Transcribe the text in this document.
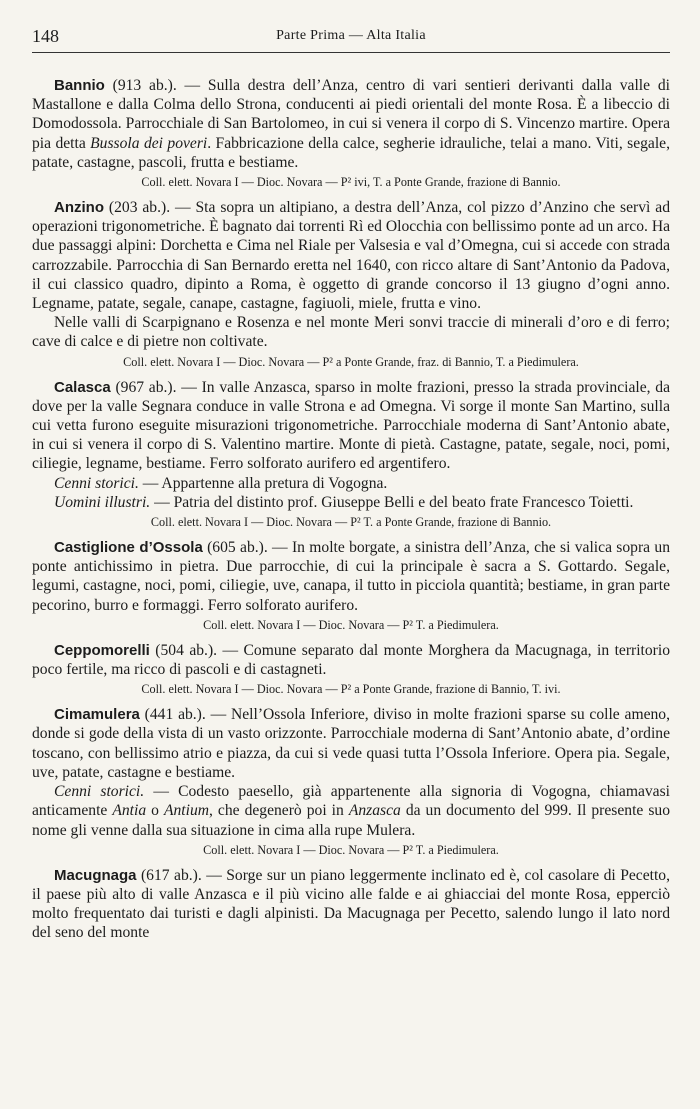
148	Parte Prima — Alta Italia

Bannio (913 ab.). — Sulla destra dell’Anza, centro di vari sentieri derivanti dalla valle di Mastallone e dalla Colma dello Strona, conducenti ai piedi orientali del monte Rosa. È a libeccio di Domodossola. Parrocchiale di San Bartolomeo, in cui si venera il corpo di S. Vincenzo martire. Opera pia detta Bussola dei poveri. Fabbricazione della calce, segherie idrauliche, telai a mano. Viti, segale, patate, castagne, pascoli, frutta e bestiame.

Coll. elett. Novara I — Dioc. Novara — P² ivi, T. a Ponte Grande, frazione di Bannio.

Anzino (203 ab.). — Sta sopra un altipiano, a destra dell’Anza, col pizzo d’Anzino che servì ad operazioni trigonometriche. È bagnato dai torrenti Rì ed Olocchia con bellissimo ponte ad un arco. Ha due passaggi alpini: Dorchetta e Cima nel Riale per Valsesia e val d’Omegna, cui si accede con strada carrozzabile. Parrocchia di San Bernardo eretta nel 1640, con ricco altare di Sant’Antonio da Padova, il cui classico quadro, dipinto a Roma, è oggetto di grande concorso il 13 giugno d’ogni anno. Legname, patate, segale, canape, castagne, fagiuoli, miele, frutta e vino.

Nelle valli di Scarpignano e Rosenza e nel monte Meri sonvi traccie di minerali d’oro e di ferro; cave di calce e di pietre non coltivate.

Coll. elett. Novara I — Dioc. Novara — P² a Ponte Grande, fraz. di Bannio, T. a Piedimulera.

Calasca (967 ab.). — In valle Anzasca, sparso in molte frazioni, presso la strada provinciale, da dove per la valle Segnara conduce in valle Strona e ad Omegna. Vi sorge il monte San Martino, sulla cui vetta furono eseguite misurazioni trigonometriche. Parrocchiale moderna di Sant’Antonio abate, in cui si venera il corpo di S. Valentino martire. Monte di pietà. Castagne, patate, segale, noci, pomi, ciliegie, legname, bestiame. Ferro solforato aurifero ed argentifero.

Cenni storici. — Appartenne alla pretura di Vogogna.

Uomini illustri. — Patria del distinto prof. Giuseppe Belli e del beato frate Francesco Toietti.

Coll. elett. Novara I — Dioc. Novara — P² T. a Ponte Grande, frazione di Bannio.

Castiglione d’Ossola (605 ab.). — In molte borgate, a sinistra dell’Anza, che si valica sopra un ponte antichissimo in pietra. Due parrocchie, di cui la principale è sacra a S. Gottardo. Segale, legumi, castagne, noci, pomi, ciliegie, uve, canapa, il tutto in picciola quantità; bestiame, in gran parte pecorino, burro e formaggi. Ferro solforato aurifero.

Coll. elett. Novara I — Dioc. Novara — P² T. a Piedimulera.

Ceppomorelli (504 ab.). — Comune separato dal monte Morghera da Macugnaga, in territorio poco fertile, ma ricco di pascoli e di castagneti.

Coll. elett. Novara I — Dioc. Novara — P² a Ponte Grande, frazione di Bannio, T. ivi.

Cimamulera (441 ab.). — Nell’Ossola Inferiore, diviso in molte frazioni sparse su colle ameno, donde si gode della vista di un vasto orizzonte. Parrocchiale moderna di Sant’Antonio abate, d’ordine toscano, con bellissimo atrio e piazza, da cui si vede quasi tutta l’Ossola Inferiore. Opera pia. Segale, uve, patate, castagne e bestiame.

Cenni storici. — Codesto paesello, già appartenente alla signoria di Vogogna, chiamavasi anticamente Antia o Antium, che degenerò poi in Anzasca da un documento del 999. Il presente suo nome gli venne dalla sua situazione in cima alla rupe Mulera.

Coll. elett. Novara I — Dioc. Novara — P² T. a Piedimulera.

Macugnaga (617 ab.). — Sorge sur un piano leggermente inclinato ed è, col casolare di Pecetto, il paese più alto di valle Anzasca e il più vicino alle falde e ai ghiacciai del monte Rosa, epperciò molto frequentato dai turisti e dagli alpinisti. Da Macugnaga per Pecetto, salendo lungo il lato nord del seno del monte
